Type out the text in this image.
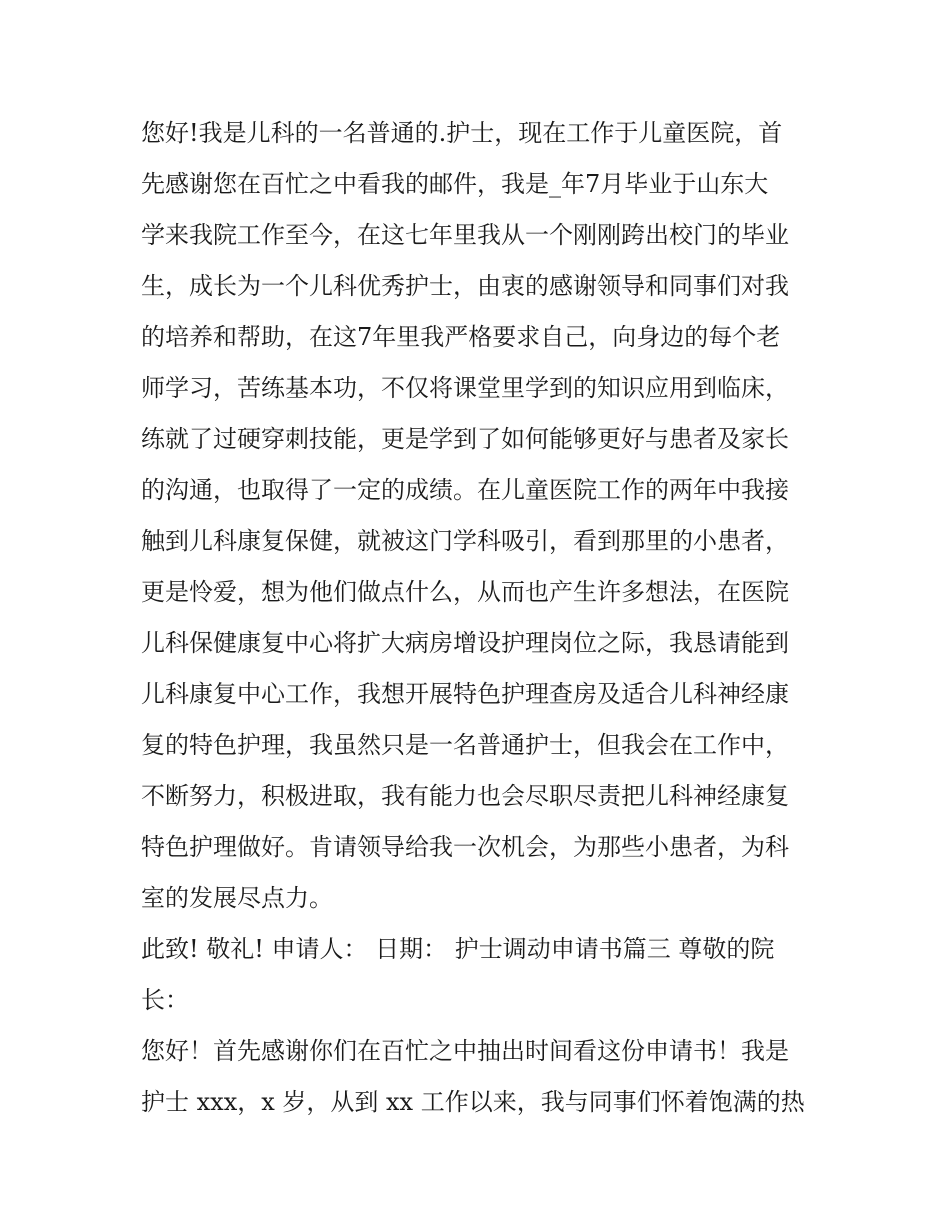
您好!我是儿科的一名普通的.护士，现在工作于儿童医院，首
先感谢您在百忙之中看我的邮件，我是_年7月毕业于山东大
学来我院工作至今，在这七年里我从一个刚刚跨出校门的毕业
生，成长为一个儿科优秀护士，由衷的感谢领导和同事们对我
的培养和帮助，在这7年里我严格要求自己，向身边的每个老
师学习，苦练基本功，不仅将课堂里学到的知识应用到临床，
练就了过硬穿刺技能，更是学到了如何能够更好与患者及家长
的沟通，也取得了一定的成绩。在儿童医院工作的两年中我接
触到儿科康复保健，就被这门学科吸引，看到那里的小患者，
更是怜爱，想为他们做点什么，从而也产生许多想法，在医院
儿科保健康复中心将扩大病房增设护理岗位之际，我恳请能到
儿科康复中心工作，我想开展特色护理查房及适合儿科神经康
复的特色护理，我虽然只是一名普通护士，但我会在工作中，
不断努力，积极进取，我有能力也会尽职尽责把儿科神经康复
特色护理做好。肯请领导给我一次机会，为那些小患者，为科
室的发展尽点力。
此致! 敬礼! 申请人： 日期： 护士调动申请书篇三 尊敬的院
长：
您好！首先感谢你们在百忙之中抽出时间看这份申请书！我是
护士 xxx，x 岁，从到 xx 工作以来，我与同事们怀着饱满的热
